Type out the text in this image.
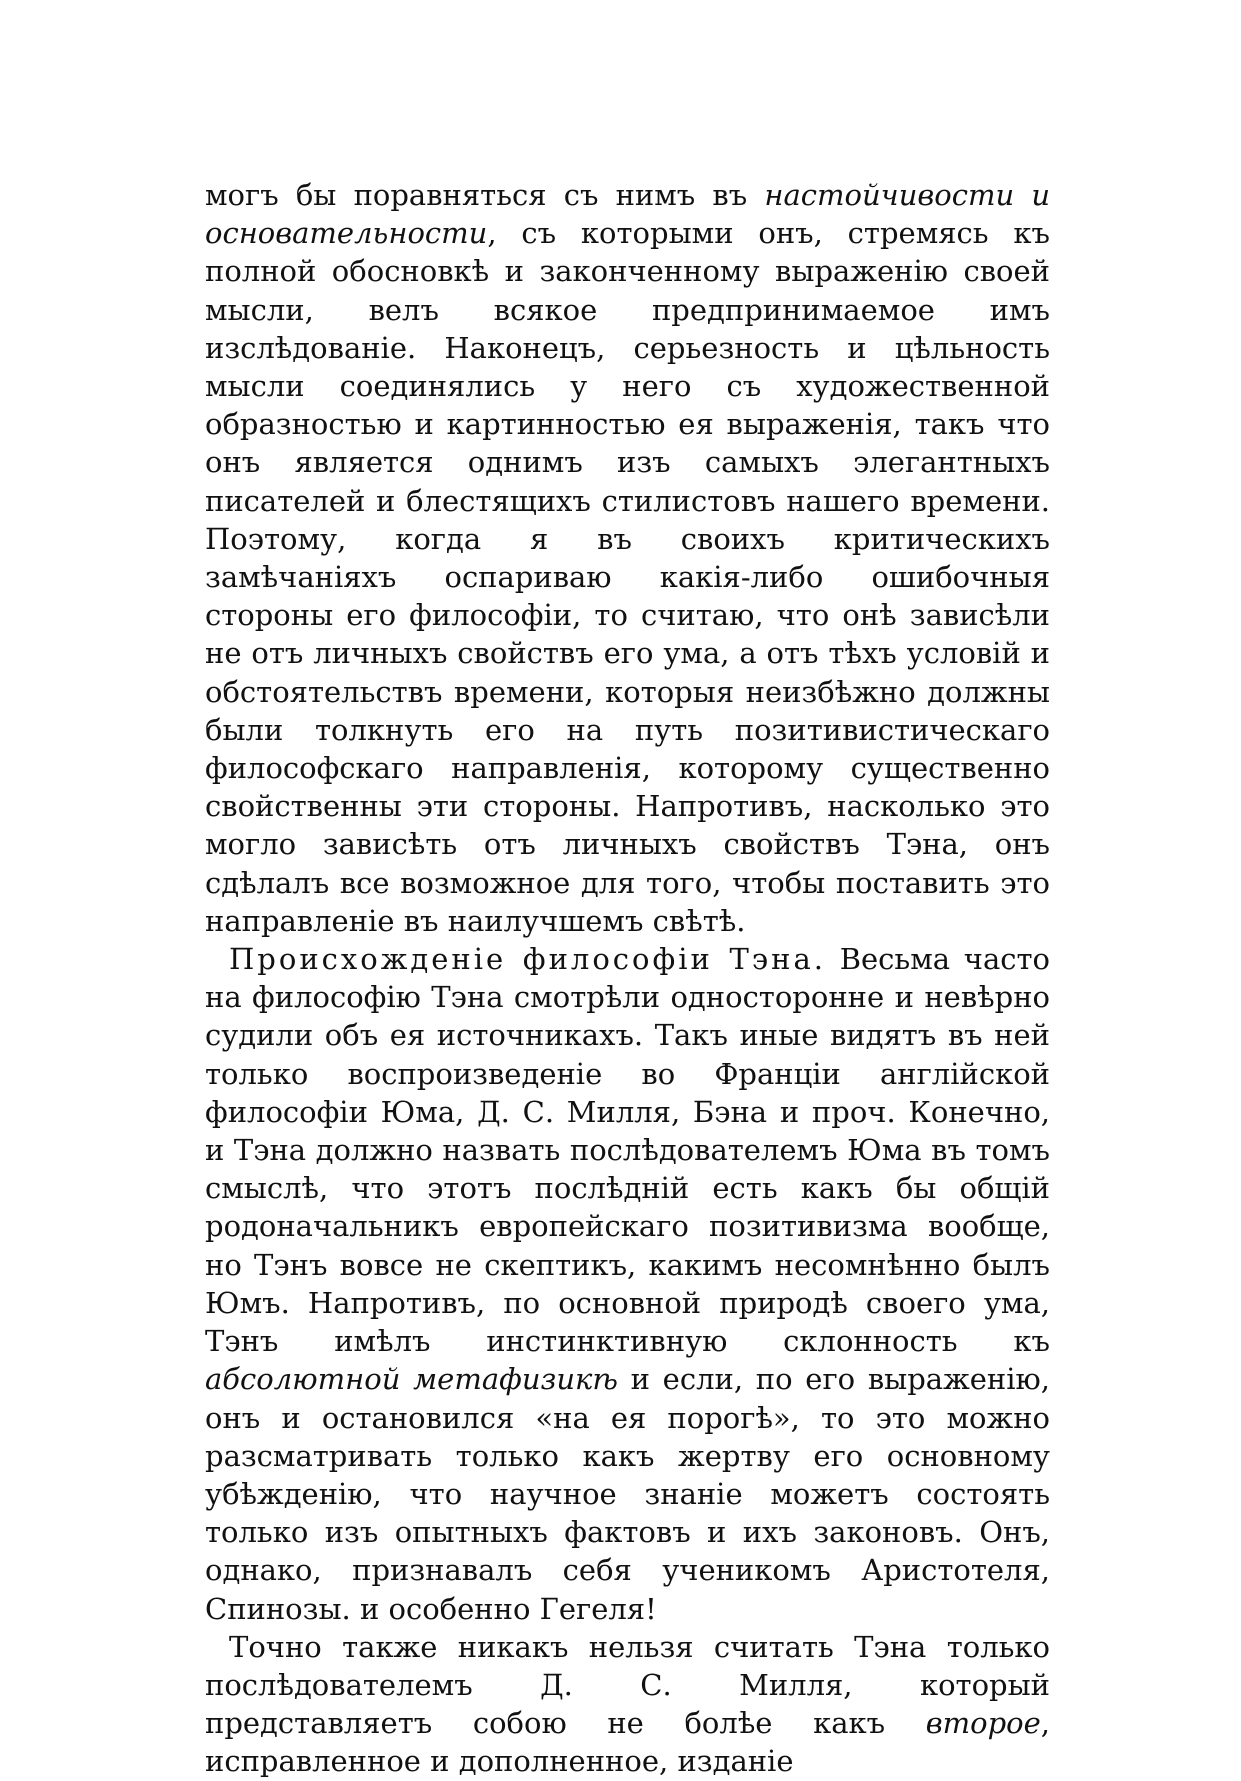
могъ бы поравняться съ нимъ въ настойчивости и основательности, съ которыми онъ, стремясь къ полной обосновкѣ и законченному выраженію своей мысли, велъ всякое предпринимаемое имъ изслѣдованіе. Наконецъ, серьезность и цѣльность мысли соединялись у него съ художественной образностью и картинностью ея выраженія, такъ что онъ является однимъ изъ самыхъ элегантныхъ писателей и блестящихъ стилистовъ нашего времени. Поэтому, когда я въ своихъ критическихъ замѣчаніяхъ оспариваю какія-либо ошибочныя стороны его философіи, то считаю, что онѣ зависѣли не отъ личныхъ свойствъ его ума, а отъ тѣхъ условій и обстоятельствъ времени, которыя неизбѣжно должны были толкнуть его на путь позитивистическаго философскаго направленія, которому существенно свойственны эти стороны. Напротивъ, насколько это могло зависѣть отъ личныхъ свойствъ Тэна, онъ сдѣлалъ все возможное для того, чтобы поставить это направленіе въ наилучшемъ свѣтѣ.

Происхожденіе философіи Тэна. Весьма часто на философію Тэна смотрѣли односторонне и невѣрно судили объ ея источникахъ. Такъ иные видятъ въ ней только воспроизведеніе во Франціи англійской философіи Юма, Д. С. Милля, Бэна и проч. Конечно, и Тэна должно назвать послѣдователемъ Юма въ томъ смыслѣ, что этотъ послѣдній есть какъ бы общій родоначальникъ европейскаго позитивизма вообще, но Тэнъ вовсе не скептикъ, какимъ несомнѣнно былъ Юмъ. Напротивъ, по основной природѣ своего ума, Тэнъ имѣлъ инстинктивную склонность къ абсолютной метафизикѣ и если, по его выраженію, онъ и остановился «на ея порогѣ», то это можно разсматривать только какъ жертву его основному убѣжденію, что научное знаніе можетъ состоять только изъ опытныхъ фактовъ и ихъ законовъ. Онъ, однако, признавалъ себя ученикомъ Аристотеля, Спинозы. и особенно Гегеля!

Точно также никакъ нельзя считать Тэна только послѣдователемъ Д. С. Милля, который представляетъ собою не болѣе какъ второе, исправленное и дополненное, изданіе
